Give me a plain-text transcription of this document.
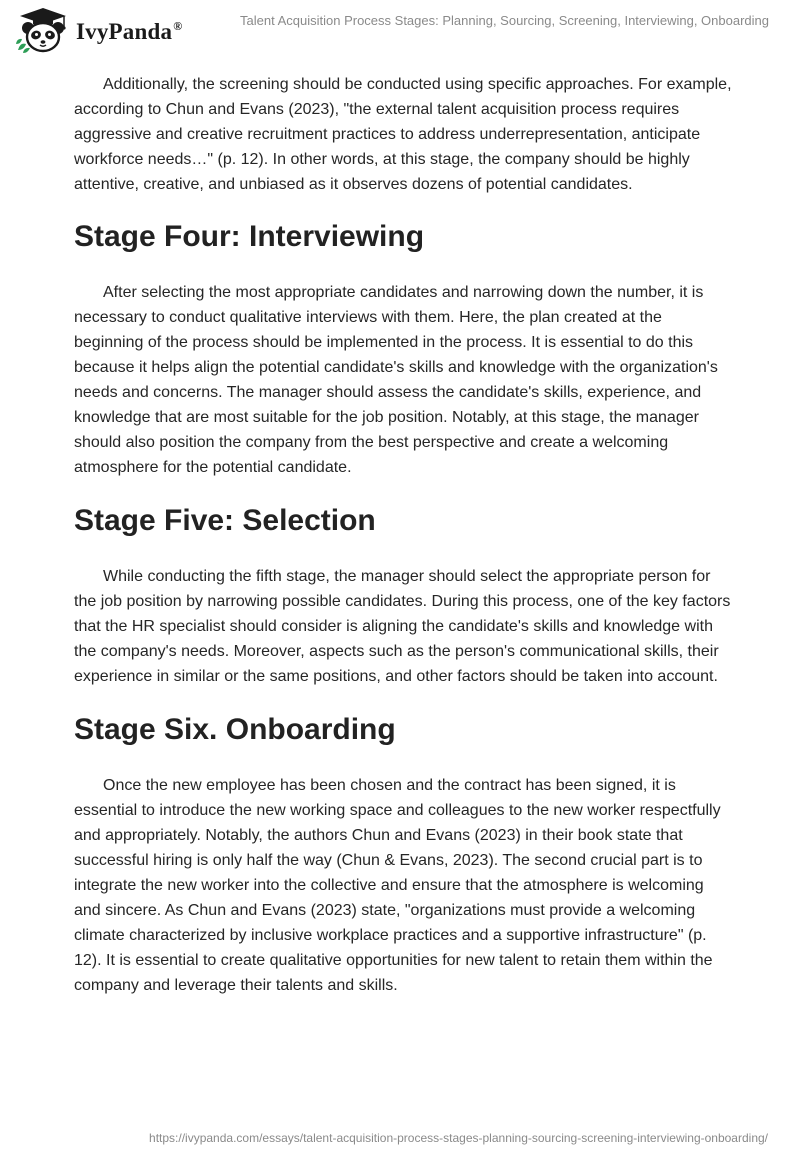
IvyPanda®	Talent Acquisition Process Stages: Planning, Sourcing, Screening, Interviewing, Onboarding

Additionally, the screening should be conducted using specific approaches. For example, according to Chun and Evans (2023), "the external talent acquisition process requires aggressive and creative recruitment practices to address underrepresentation, anticipate workforce needs…" (p. 12). In other words, at this stage, the company should be highly attentive, creative, and unbiased as it observes dozens of potential candidates.

Stage Four: Interviewing

After selecting the most appropriate candidates and narrowing down the number, it is necessary to conduct qualitative interviews with them. Here, the plan created at the beginning of the process should be implemented in the process. It is essential to do this because it helps align the potential candidate's skills and knowledge with the organization's needs and concerns. The manager should assess the candidate's skills, experience, and knowledge that are most suitable for the job position. Notably, at this stage, the manager should also position the company from the best perspective and create a welcoming atmosphere for the potential candidate.

Stage Five: Selection

While conducting the fifth stage, the manager should select the appropriate person for the job position by narrowing possible candidates. During this process, one of the key factors that the HR specialist should consider is aligning the candidate's skills and knowledge with the company's needs. Moreover, aspects such as the person's communicational skills, their experience in similar or the same positions, and other factors should be taken into account.

Stage Six. Onboarding

Once the new employee has been chosen and the contract has been signed, it is essential to introduce the new working space and colleagues to the new worker respectfully and appropriately. Notably, the authors Chun and Evans (2023) in their book state that successful hiring is only half the way (Chun & Evans, 2023). The second crucial part is to integrate the new worker into the collective and ensure that the atmosphere is welcoming and sincere. As Chun and Evans (2023) state, "organizations must provide a welcoming climate characterized by inclusive workplace practices and a supportive infrastructure" (p. 12). It is essential to create qualitative opportunities for new talent to retain them within the company and leverage their talents and skills.

https://ivypanda.com/essays/talent-acquisition-process-stages-planning-sourcing-screening-interviewing-onboarding/
